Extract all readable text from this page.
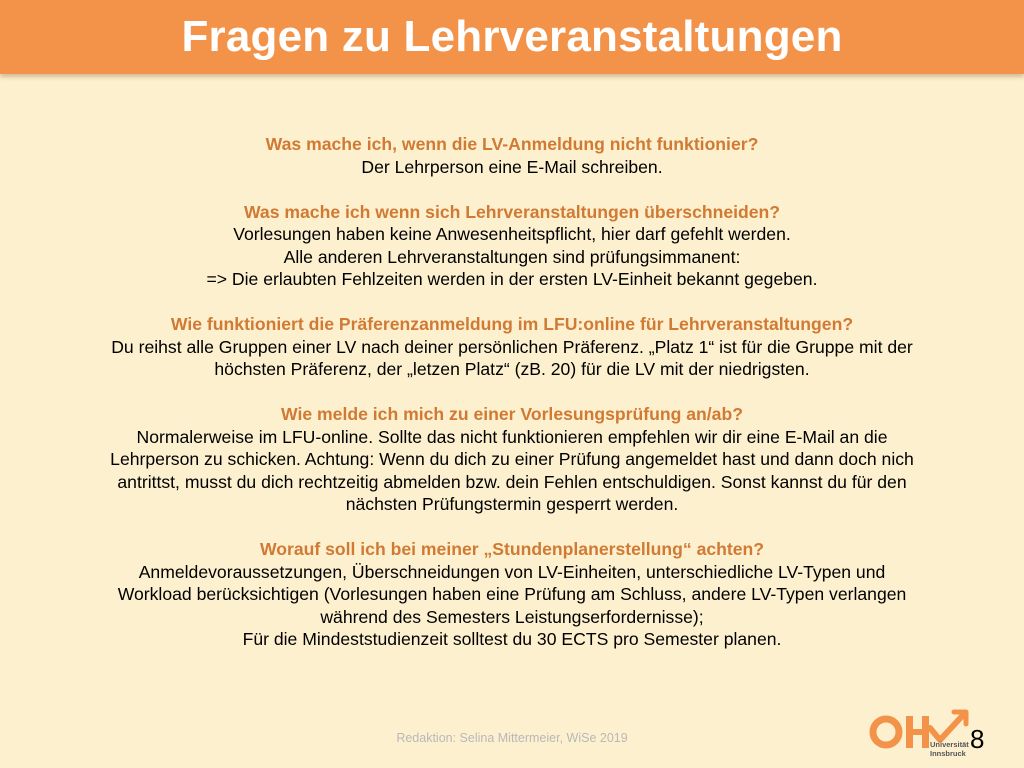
Fragen zu Lehrveranstaltungen
Was mache ich, wenn die LV-Anmeldung nicht funktionier?
Der Lehrperson eine E-Mail schreiben.
Was mache ich wenn sich Lehrveranstaltungen überschneiden?
Vorlesungen haben keine Anwesenheitspflicht, hier darf gefehlt werden.
Alle anderen Lehrveranstaltungen sind prüfungsimmanent:
=> Die erlaubten Fehlzeiten werden in der ersten LV-Einheit bekannt gegeben.
Wie funktioniert die Präferenzanmeldung im LFU:online für Lehrveranstaltungen?
Du reihst alle Gruppen einer LV nach deiner persönlichen Präferenz. „Platz 1“ ist für die Gruppe mit der
höchsten Präferenz, der „letzen Platz“ (zB. 20) für die LV mit der niedrigsten.
Wie melde ich mich zu einer Vorlesungsprüfung an/ab?
Normalerweise im LFU-online. Sollte das nicht funktionieren empfehlen wir dir eine E-Mail an die
Lehrperson zu schicken. Achtung: Wenn du dich zu einer Prüfung angemeldet hast und dann doch nich
antrittst, musst du dich rechtzeitig abmelden bzw. dein Fehlen entschuldigen. Sonst kannst du für den
nächsten Prüfungstermin gesperrt werden.
Worauf soll ich bei meiner „Stundenplanerstellung“ achten?
Anmeldevoraussetzungen, Überschneidungen von LV-Einheiten, unterschiedliche LV-Typen und
Workload berücksichtigen (Vorlesungen haben eine Prüfung am Schluss, andere LV-Typen verlangen
während des Semesters Leistungserfordernisse);
Für die Mindeststudienzeit solltest du 30 ECTS pro Semester planen.
Redaktion: Selina Mittermeier, WiSe 2019	Universität
Innsbruck 8
